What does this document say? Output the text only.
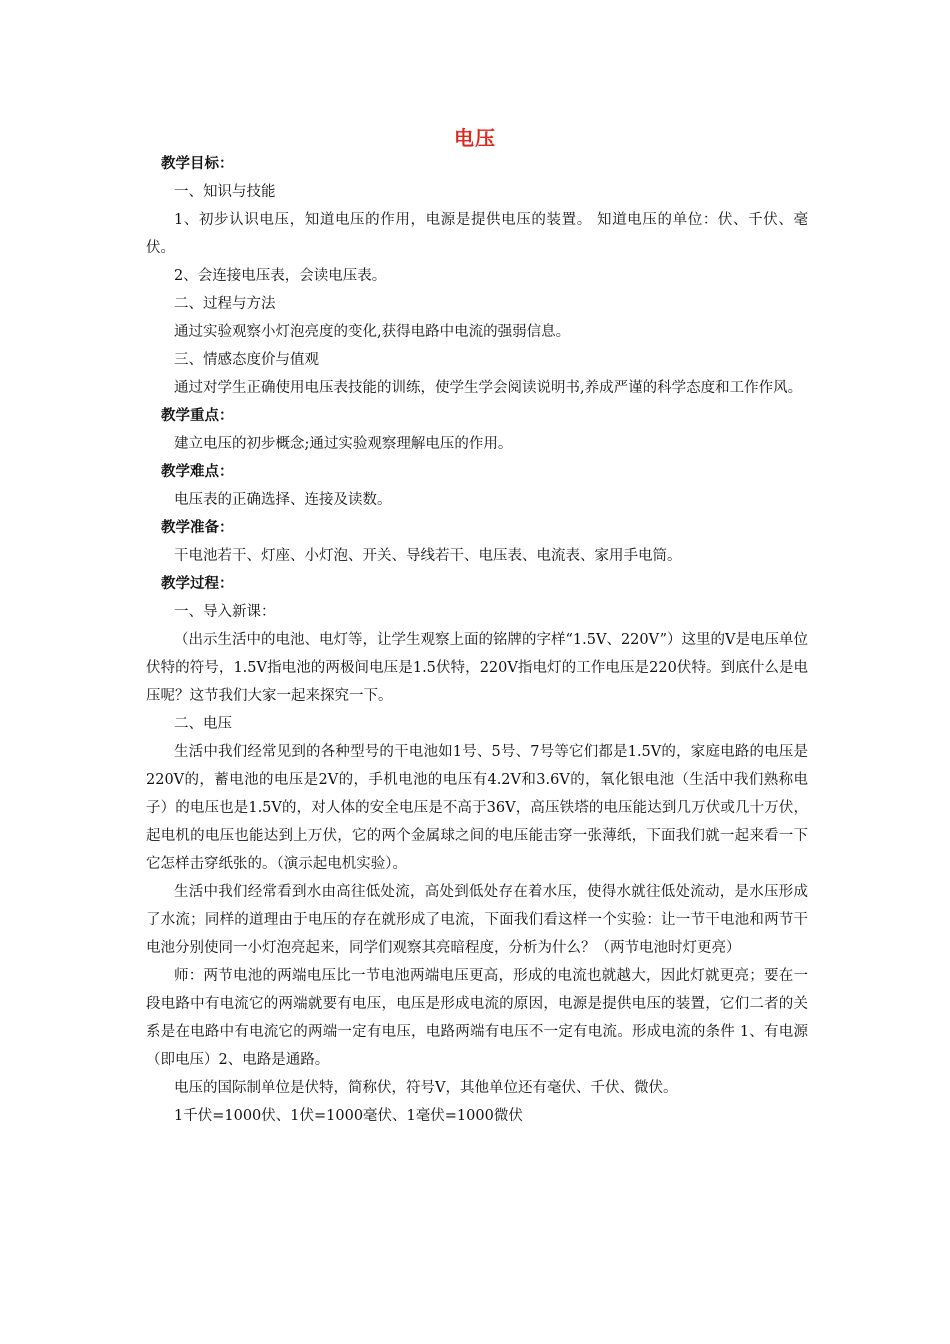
电压

教学目标：

一、知识与技能

1、初步认识电压，知道电压的作用，电源是提供电压的装置。 知道电压的单位：伏、千伏、毫伏。

2、会连接电压表，会读电压表。

二、过程与方法

通过实验观察小灯泡亮度的变化,获得电路中电流的强弱信息。

三、情感态度价与值观

通过对学生正确使用电压表技能的训练，使学生学会阅读说明书,养成严谨的科学态度和工作作风。

教学重点：

建立电压的初步概念;通过实验观察理解电压的作用。

教学难点：

电压表的正确选择、连接及读数。

教学准备：

干电池若干、灯座、小灯泡、开关、导线若干、电压表、电流表、家用手电筒。

教学过程：

一、导入新课：

（出示生活中的电池、电灯等，让学生观察上面的铭牌的字样“1.5V、220V”）这里的V是电压单位伏特的符号，1.5V指电池的两极间电压是1.5伏特，220V指电灯的工作电压是220伏特。到底什么是电压呢？这节我们大家一起来探究一下。

二、电压

生活中我们经常见到的各种型号的干电池如1号、5号、7号等它们都是1.5V的，家庭电路的电压是220V的，蓄电池的电压是2V的，手机电池的电压有4.2V和3.6V的，氧化银电池（生活中我们熟称电子）的电压也是1.5V的，对人体的安全电压是不高于36V，高压铁塔的电压能达到几万伏或几十万伏，起电机的电压也能达到上万伏，它的两个金属球之间的电压能击穿一张薄纸，下面我们就一起来看一下它怎样击穿纸张的。（演示起电机实验）。

生活中我们经常看到水由高往低处流，高处到低处存在着水压，使得水就往低处流动，是水压形成了水流；同样的道理由于电压的存在就形成了电流，下面我们看这样一个实验：让一节干电池和两节干电池分别使同一小灯泡亮起来，同学们观察其亮暗程度，分析为什么？（两节电池时灯更亮）

师：两节电池的两端电压比一节电池两端电压更高，形成的电流也就越大，因此灯就更亮；要在一段电路中有电流它的两端就要有电压，电压是形成电流的原因，电源是提供电压的装置，它们二者的关系是在电路中有电流它的两端一定有电压，电路两端有电压不一定有电流。形成电流的条件 1、有电源（即电压）2、电路是通路。

电压的国际制单位是伏特，简称伏，符号V，其他单位还有毫伏、千伏、微伏。

1千伏=1000伏、1伏=1000毫伏、1毫伏=1000微伏
